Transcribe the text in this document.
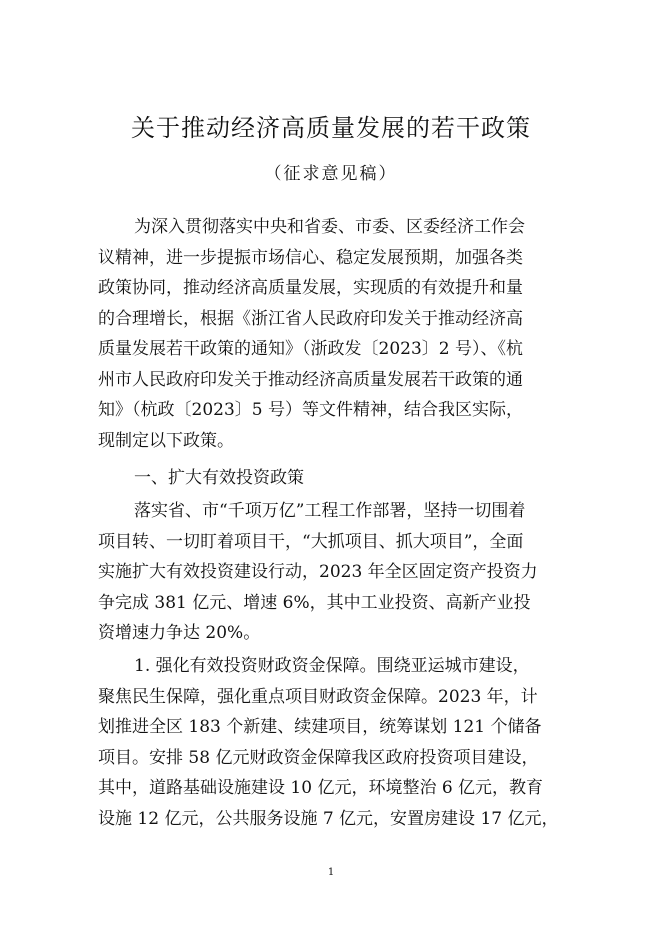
关于推动经济高质量发展的若干政策
（征求意见稿）
为深入贯彻落实中央和省委、市委、区委经济工作会
议精神，进一步提振市场信心、稳定发展预期，加强各类
政策协同，推动经济高质量发展，实现质的有效提升和量
的合理增长，根据《浙江省人民政府印发关于推动经济高
质量发展若干政策的通知》（浙政发〔2023〕2 号）、《杭
州市人民政府印发关于推动经济高质量发展若干政策的通
知》（杭政〔2023〕5 号）等文件精神，结合我区实际，
现制定以下政策。
一、扩大有效投资政策
落实省、市“千项万亿”工程工作部署，坚持一切围着
项目转、一切盯着项目干，“大抓项目、抓大项目”，全面
实施扩大有效投资建设行动，2023 年全区固定资产投资力
争完成 381 亿元、增速 6%，其中工业投资、高新产业投
资增速力争达 20%。
1. 强化有效投资财政资金保障。围绕亚运城市建设，
聚焦民生保障，强化重点项目财政资金保障。2023 年，计
划推进全区 183 个新建、续建项目，统筹谋划 121 个储备
项目。安排 58 亿元财政资金保障我区政府投资项目建设，
其中，道路基础设施建设 10 亿元，环境整治 6 亿元，教育
设施 12 亿元，公共服务设施 7 亿元，安置房建设 17 亿元，
1
